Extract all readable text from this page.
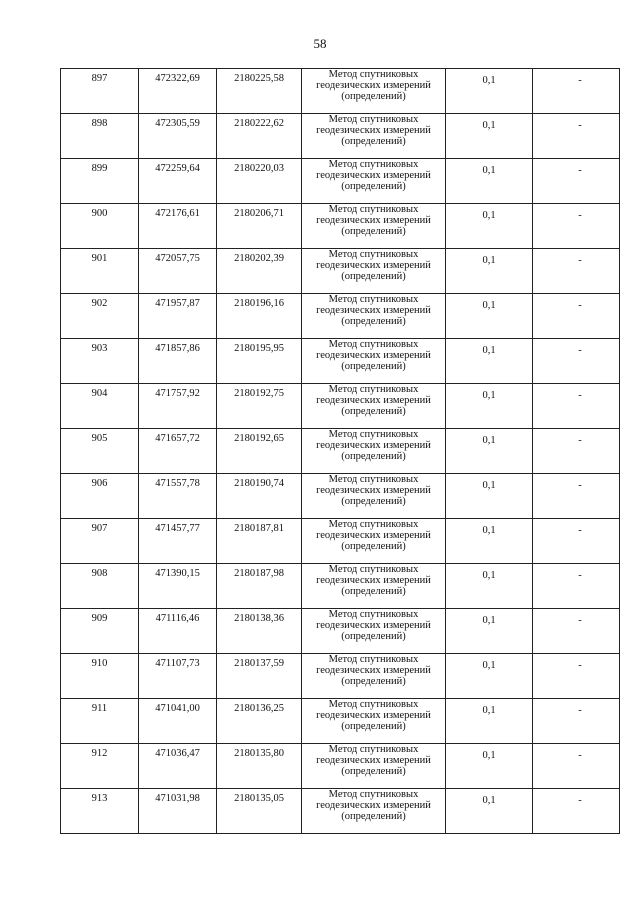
58
897	472322,69	2180225,58	Метод спутниковых
геодезических измерений
(определений)	0,1	-

898	472305,59	2180222,62	Метод спутниковых
геодезических измерений
(определений)	0,1	-

899	472259,64	2180220,03	Метод спутниковых
геодезических измерений
(определений)	0,1	-

900	472176,61	2180206,71	Метод спутниковых
геодезических измерений
(определений)	0,1	-

901	472057,75	2180202,39	Метод спутниковых
геодезических измерений
(определений)	0,1	-

902	471957,87	2180196,16	Метод спутниковых
геодезических измерений
(определений)	0,1	-

903	471857,86	2180195,95	Метод спутниковых
геодезических измерений
(определений)	0,1	-

904	471757,92	2180192,75	Метод спутниковых
геодезических измерений
(определений)	0,1	-

905	471657,72	2180192,65	Метод спутниковых
геодезических измерений
(определений)	0,1	-

906	471557,78	2180190,74	Метод спутниковых
геодезических измерений
(определений)	0,1	-

907	471457,77	2180187,81	Метод спутниковых
геодезических измерений
(определений)	0,1	-

908	471390,15	2180187,98	Метод спутниковых
геодезических измерений
(определений)	0,1	-

909	471116,46	2180138,36	Метод спутниковых
геодезических измерений
(определений)	0,1	-

910	471107,73	2180137,59	Метод спутниковых
геодезических измерений
(определений)	0,1	-

911	471041,00	2180136,25	Метод спутниковых
геодезических измерений
(определений)	0,1	-

912	471036,47	2180135,80	Метод спутниковых
геодезических измерений
(определений)	0,1	-

913	471031,98	2180135,05	Метод спутниковых
геодезических измерений
(определений)	0,1	-
